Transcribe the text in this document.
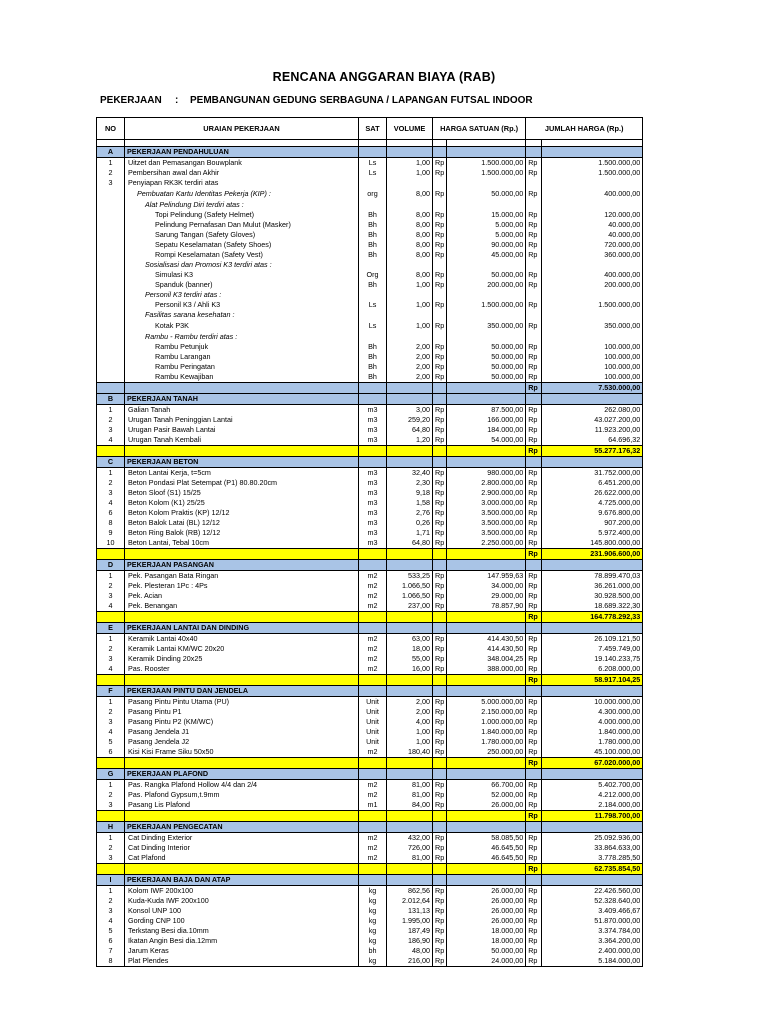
RENCANA ANGGARAN BIAYA (RAB)
PEKERJAAN : PEMBANGUNAN GEDUNG SERBAGUNA / LAPANGAN FUTSAL INDOOR
NO	URAIAN PEKERJAAN	SAT	VOLUME	HARGA SATUAN (Rp.)		JUMLAH HARGA (Rp.)	

A	PEKERJAAN PENDAHULUAN						
1	Uitzet dan Pemasangan Bouwplank	Ls	1,00	Rp	1.500.000,00	Rp	1.500.000,00
2	Pembersihan awal dan Akhir	Ls	1,00	Rp	1.500.000,00	Rp	1.500.000,00
3	Penyiapan RK3K terdiri atas						
	Pembuatan Kartu Identitas Pekerja (KIP) :	org	8,00	Rp	50.000,00	Rp	400.000,00
	Alat Pelindung Diri terdiri atas :						
	Topi Pelindung (Safety Helmet)	Bh	8,00	Rp	15.000,00	Rp	120.000,00
	Pelindung Pernafasan Dan Mulut (Masker)	Bh	8,00	Rp	5.000,00	Rp	40.000,00
	Sarung Tangan (Safety Gloves)	Bh	8,00	Rp	5.000,00	Rp	40.000,00
	Sepatu Keselamatan (Safety Shoes)	Bh	8,00	Rp	90.000,00	Rp	720.000,00
	Rompi Keselamatan (Safety Vest)	Bh	8,00	Rp	45.000,00	Rp	360.000,00
	Sosialisasi dan Promosi K3 terdiri atas :						
	Simulasi K3	Org	8,00	Rp	50.000,00	Rp	400.000,00
	Spanduk (banner)	Bh	1,00	Rp	200.000,00	Rp	200.000,00
	Personil K3 terdiri atas :						
	Personil K3 / Ahli K3	Ls	1,00	Rp	1.500.000,00	Rp	1.500.000,00
	Fasilitas sarana kesehatan :						
	Kotak P3K	Ls	1,00	Rp	350.000,00	Rp	350.000,00
	Rambu - Rambu terdiri atas :						
	Rambu Petunjuk	Bh	2,00	Rp	50.000,00	Rp	100.000,00
	Rambu Larangan	Bh	2,00	Rp	50.000,00	Rp	100.000,00
	Rambu Peringatan	Bh	2,00	Rp	50.000,00	Rp	100.000,00
	Rambu Kewajiban	Bh	2,00	Rp	50.000,00	Rp	100.000,00
						Rp	7.530.000,00
B	PEKERJAAN TANAH						
1	Galian Tanah	m3	3,00	Rp	87.500,00	Rp	262.080,00
2	Urugan Tanah Peninggian Lantai	m3	259,20	Rp	166.000,00	Rp	43.027.200,00
3	Urugan Pasir Bawah Lantai	m3	64,80	Rp	184.000,00	Rp	11.923.200,00
4	Urugan Tanah Kembali	m3	1,20	Rp	54.000,00	Rp	64.696,32
						Rp	55.277.176,32
C	PEKERJAAN BETON						
1	Beton Lantai Kerja, t=5cm	m3	32,40	Rp	980.000,00	Rp	31.752.000,00
2	Beton Pondasi Plat Setempat (P1) 80.80.20cm	m3	2,30	Rp	2.800.000,00	Rp	6.451.200,00
3	Beton Sloof (S1) 15/25	m3	9,18	Rp	2.900.000,00	Rp	26.622.000,00
4	Beton Kolom (K1) 25/25	m3	1,58	Rp	3.000.000,00	Rp	4.725.000,00
6	Beton Kolom Praktis (KP) 12/12	m3	2,76	Rp	3.500.000,00	Rp	9.676.800,00
8	Beton Balok Latai (BL) 12/12	m3	0,26	Rp	3.500.000,00	Rp	907.200,00
9	Beton Ring Balok (RB) 12/12	m3	1,71	Rp	3.500.000,00	Rp	5.972.400,00
10	Beton Lantai, Tebal 10cm	m3	64,80	Rp	2.250.000,00	Rp	145.800.000,00
						Rp	231.906.600,00
D	PEKERJAAN PASANGAN						
1	Pek. Pasangan Bata Ringan	m2	533,25	Rp	147.959,63	Rp	78.899.470,03
2	Pek. Plesteran 1Pc : 4Ps	m2	1.066,50	Rp	34.000,00	Rp	36.261.000,00
3	Pek. Acian	m2	1.066,50	Rp	29.000,00	Rp	30.928.500,00
4	Pek. Benangan	m2	237,00	Rp	78.857,90	Rp	18.689.322,30
						Rp	164.778.292,33
E	PEKERJAAN LANTAI DAN DINDING						
1	Keramik Lantai 40x40	m2	63,00	Rp	414.430,50	Rp	26.109.121,50
2	Keramik Lantai KM/WC 20x20	m2	18,00	Rp	414.430,50	Rp	7.459.749,00
3	Keramik Dinding 20x25	m2	55,00	Rp	348.004,25	Rp	19.140.233,75
4	Pas. Rooster	m2	16,00	Rp	388.000,00	Rp	6.208.000,00
						Rp	58.917.104,25
F	PEKERJAAN PINTU DAN JENDELA						
1	Pasang Pintu Pintu Utama (PU)	Unit	2,00	Rp	5.000.000,00	Rp	10.000.000,00
2	Pasang Pintu P1	Unit	2,00	Rp	2.150.000,00	Rp	4.300.000,00
3	Pasang Pintu P2 (KM/WC)	Unit	4,00	Rp	1.000.000,00	Rp	4.000.000,00
4	Pasang Jendela J1	Unit	1,00	Rp	1.840.000,00	Rp	1.840.000,00
5	Pasang Jendela J2	Unit	1,00	Rp	1.780.000,00	Rp	1.780.000,00
6	Kisi Kisi Frame Siku 50x50	m2	180,40	Rp	250.000,00	Rp	45.100.000,00
						Rp	67.020.000,00
G	PEKERJAAN PLAFOND						
1	Pas. Rangka Plafond Hollow 4/4 dan 2/4	m2	81,00	Rp	66.700,00	Rp	5.402.700,00
2	Pas. Plafond Gypsum,t.9mm	m2	81,00	Rp	52.000,00	Rp	4.212.000,00
3	Pasang Lis Plafond	m1	84,00	Rp	26.000,00	Rp	2.184.000,00
						Rp	11.798.700,00
H	PEKERJAAN PENGECATAN						
1	Cat Dinding Exterior	m2	432,00	Rp	58.085,50	Rp	25.092.936,00
2	Cat Dinding Interior	m2	726,00	Rp	46.645,50	Rp	33.864.633,00
3	Cat Plafond	m2	81,00	Rp	46.645,50	Rp	3.778.285,50
						Rp	62.735.854,50
I	PEKERJAAN BAJA DAN ATAP						
1	Kolom IWF 200x100	kg	862,56	Rp	26.000,00	Rp	22.426.560,00
2	Kuda-Kuda IWF 200x100	kg	2.012,64	Rp	26.000,00	Rp	52.328.640,00
3	Konsol UNP 100	kg	131,13	Rp	26.000,00	Rp	3.409.466,67
4	Gording CNP 100	kg	1.995,00	Rp	26.000,00	Rp	51.870.000,00
5	Terkstang Besi dia.10mm	kg	187,49	Rp	18.000,00	Rp	3.374.784,00
6	Ikatan Angin Besi dia.12mm	kg	186,90	Rp	18.000,00	Rp	3.364.200,00
7	Jarum Keras	bh	48,00	Rp	50.000,00	Rp	2.400.000,00
8	Plat Plendes	kg	216,00	Rp	24.000,00	Rp	5.184.000,00
